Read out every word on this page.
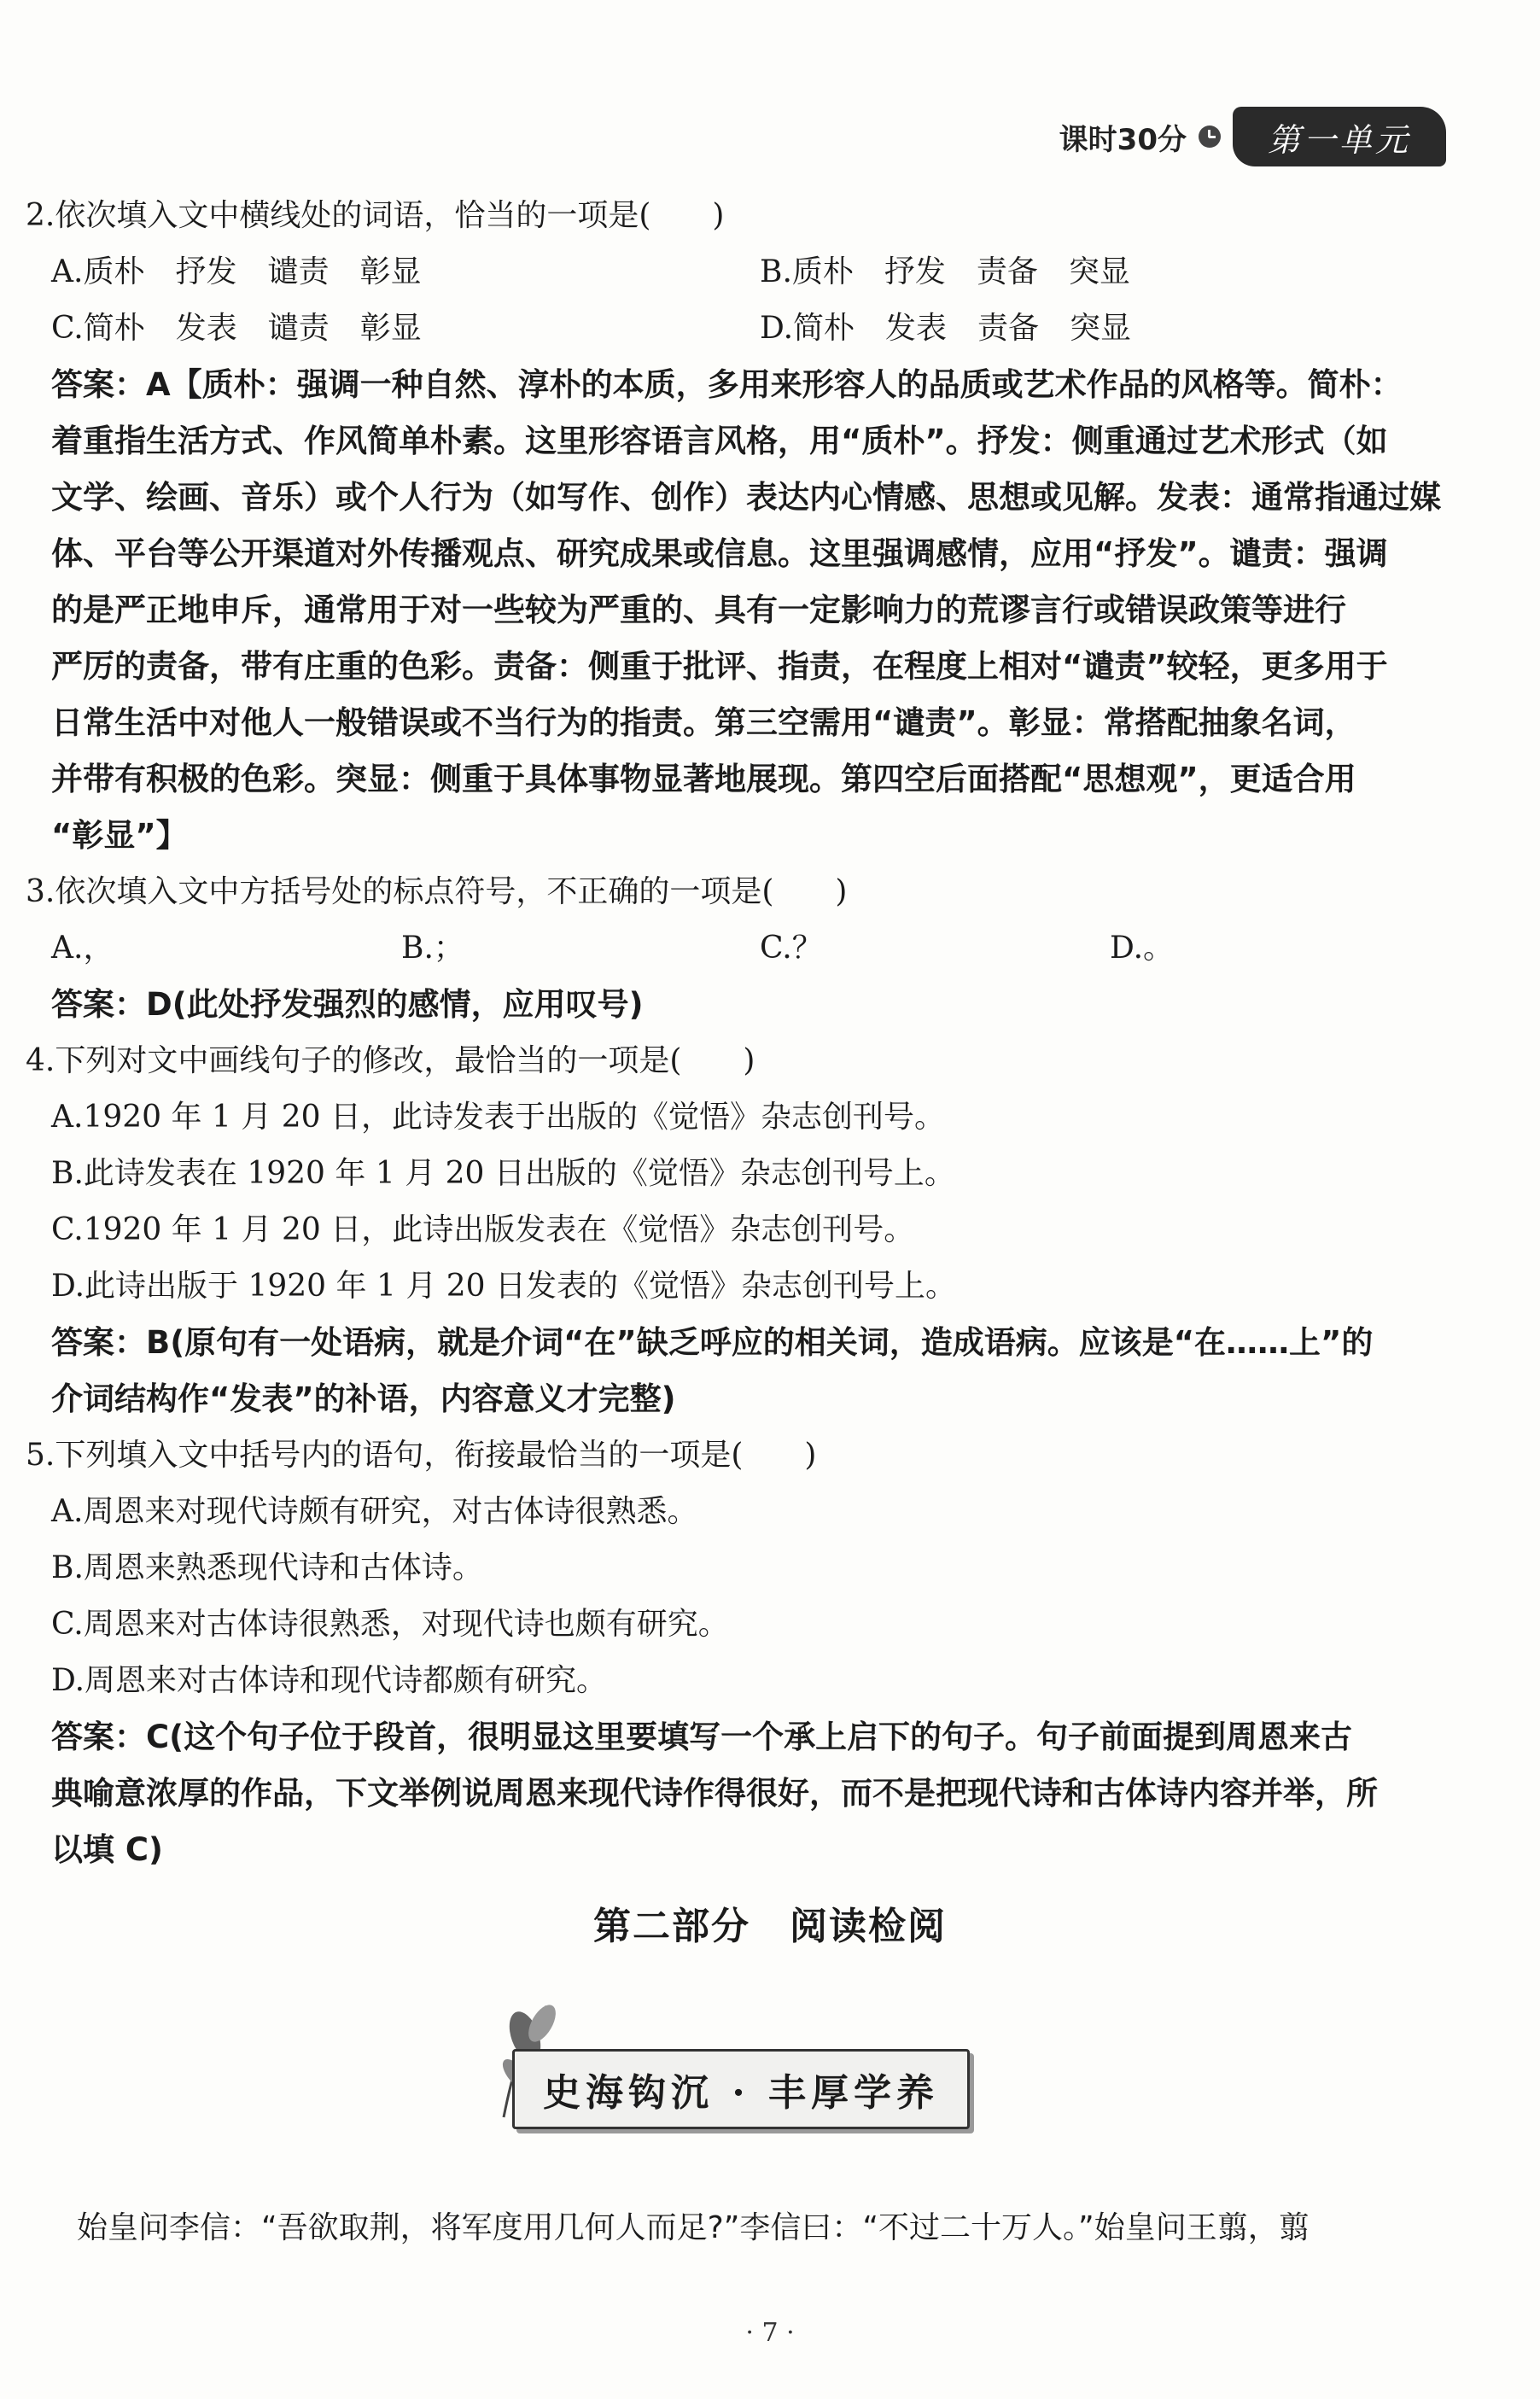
课时30分	第一单元
2.依次填入文中横线处的词语，恰当的一项是(　　)
A.质朴　抒发　谴责　彰显	B.质朴　抒发　责备　突显
C.简朴　发表　谴责　彰显	D.简朴　发表　责备　突显
答案：A【质朴：强调一种自然、淳朴的本质，多用来形容人的品质或艺术作品的风格等。简朴：
着重指生活方式、作风简单朴素。这里形容语言风格，用“质朴”。抒发：侧重通过艺术形式（如
文学、绘画、音乐）或个人行为（如写作、创作）表达内心情感、思想或见解。发表：通常指通过媒
体、平台等公开渠道对外传播观点、研究成果或信息。这里强调感情，应用“抒发”。谴责：强调
的是严正地申斥，通常用于对一些较为严重的、具有一定影响力的荒谬言行或错误政策等进行
严厉的责备，带有庄重的色彩。责备：侧重于批评、指责，在程度上相对“谴责”较轻，更多用于
日常生活中对他人一般错误或不当行为的指责。第三空需用“谴责”。彰显：常搭配抽象名词，
并带有积极的色彩。突显：侧重于具体事物显著地展现。第四空后面搭配“思想观”，更适合用
“彰显”】
3.依次填入文中方括号处的标点符号，不正确的一项是(　　)
A.，	B.；	C.？	D.。
答案：D(此处抒发强烈的感情，应用叹号)
4.下列对文中画线句子的修改，最恰当的一项是(　　)
A.1920 年 1 月 20 日，此诗发表于出版的《觉悟》杂志创刊号。
B.此诗发表在 1920 年 1 月 20 日出版的《觉悟》杂志创刊号上。
C.1920 年 1 月 20 日，此诗出版发表在《觉悟》杂志创刊号。
D.此诗出版于 1920 年 1 月 20 日发表的《觉悟》杂志创刊号上。
答案：B(原句有一处语病，就是介词“在”缺乏呼应的相关词，造成语病。应该是“在……上”的
介词结构作“发表”的补语，内容意义才完整)
5.下列填入文中括号内的语句，衔接最恰当的一项是(　　)
A.周恩来对现代诗颇有研究，对古体诗很熟悉。
B.周恩来熟悉现代诗和古体诗。
C.周恩来对古体诗很熟悉，对现代诗也颇有研究。
D.周恩来对古体诗和现代诗都颇有研究。
答案：C(这个句子位于段首，很明显这里要填写一个承上启下的句子。句子前面提到周恩来古
典喻意浓厚的作品，下文举例说周恩来现代诗作得很好，而不是把现代诗和古体诗内容并举，所
以填 C)
第二部分　阅读检阅
史海钩沉 · 丰厚学养
始皇问李信：“吾欲取荆，将军度用几何人而足?”李信曰：“不过二十万人。”始皇问王翦，翦
· 7 ·
